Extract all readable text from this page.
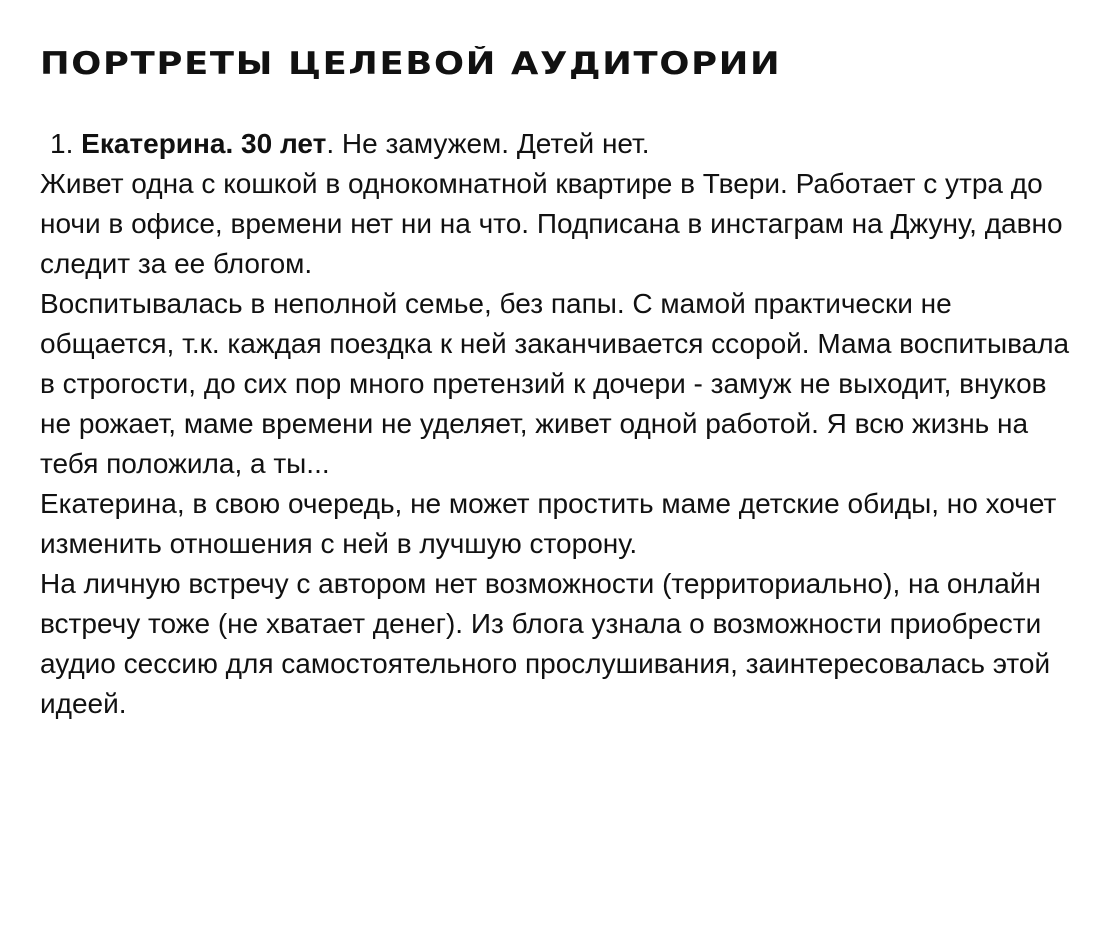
ПОРТРЕТЫ ЦЕЛЕВОЙ АУДИТОРИИ
1. Екатерина. 30 лет. Не замужем. Детей нет.

Живет одна с кошкой в однокомнатной квартире в Твери. Работает с утра до ночи в офисе, времени нет ни на что. Подписана в инстаграм на Джуну, давно следит за ее блогом.

Воспитывалась в неполной семье, без папы. С мамой практически не общается, т.к. каждая поездка к ней заканчивается ссорой. Мама воспитывала в строгости, до сих пор много претензий к дочери - замуж не выходит, внуков не рожает, маме времени не уделяет, живет одной работой. Я всю жизнь на тебя положила, а ты...

Екатерина, в свою очередь, не может простить маме детские обиды, но хочет изменить отношения с ней в лучшую сторону.

На личную встречу с автором нет возможности (территориально), на онлайн встречу тоже (не хватает денег). Из блога узнала о возможности приобрести аудио сессию для самостоятельного прослушивания, заинтересовалась этой идеей.
